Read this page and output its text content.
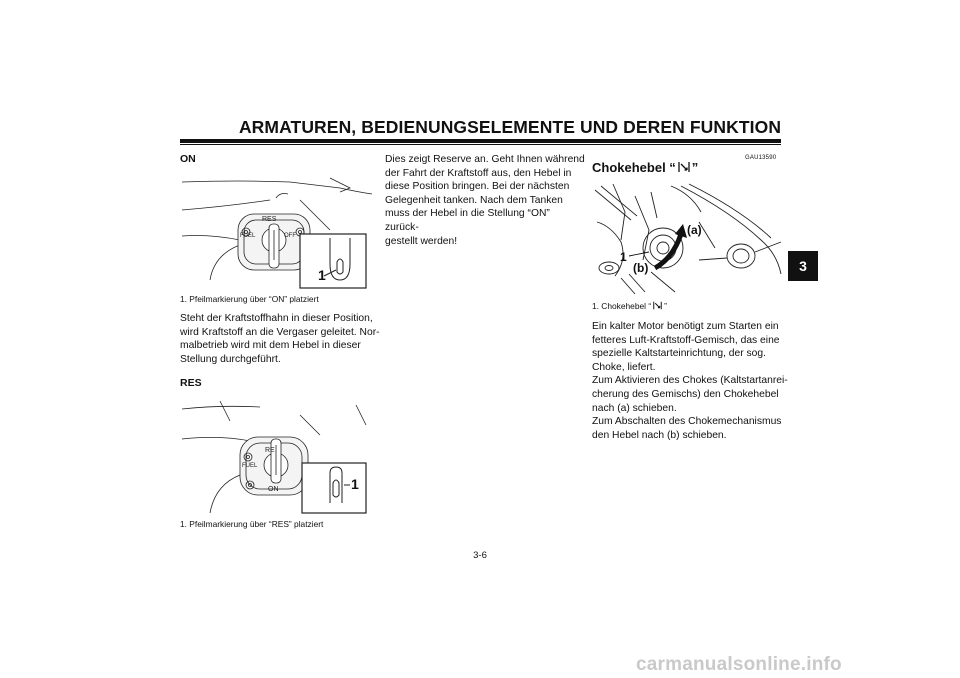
ARMATUREN, BEDIENUNGSELEMENTE UND DEREN FUNKTION
3
ON
RES
FUEL	OFF
1
1. Pfeilmarkierung über “ON” platziert

Steht der Kraftstoffhahn in dieser Position,

wird Kraftstoff an die Vergaser geleitet. Nor-

malbetrieb wird mit dem Hebel in dieser

Stellung durchgeführt.

RES
RE
FUEL
ON	1
1. Pfeilmarkierung über “RES” platziert

Dies zeigt Reserve an. Geht Ihnen während

der Fahrt der Kraftstoff aus, den Hebel in

diese Position bringen. Bei der nächsten

Gelegenheit tanken. Nach dem Tanken

muss der Hebel in die Stellung “ON” zurück-

gestellt werden!

GAU13590
Chokehebel “ ”
(a)
(b)
1
1. Chokehebel “ ”

Ein kalter Motor benötigt zum Starten ein

fetteres Luft-Kraftstoff-Gemisch, das eine

spezielle Kaltstarteinrichtung, der sog.

Choke, liefert.

Zum Aktivieren des Chokes (Kaltstartanrei-

cherung des Gemischs) den Chokehebel

nach (a) schieben.

Zum Abschalten des Chokemechanismus

den Hebel nach (b) schieben.

3-6
carmanualsonline.info
